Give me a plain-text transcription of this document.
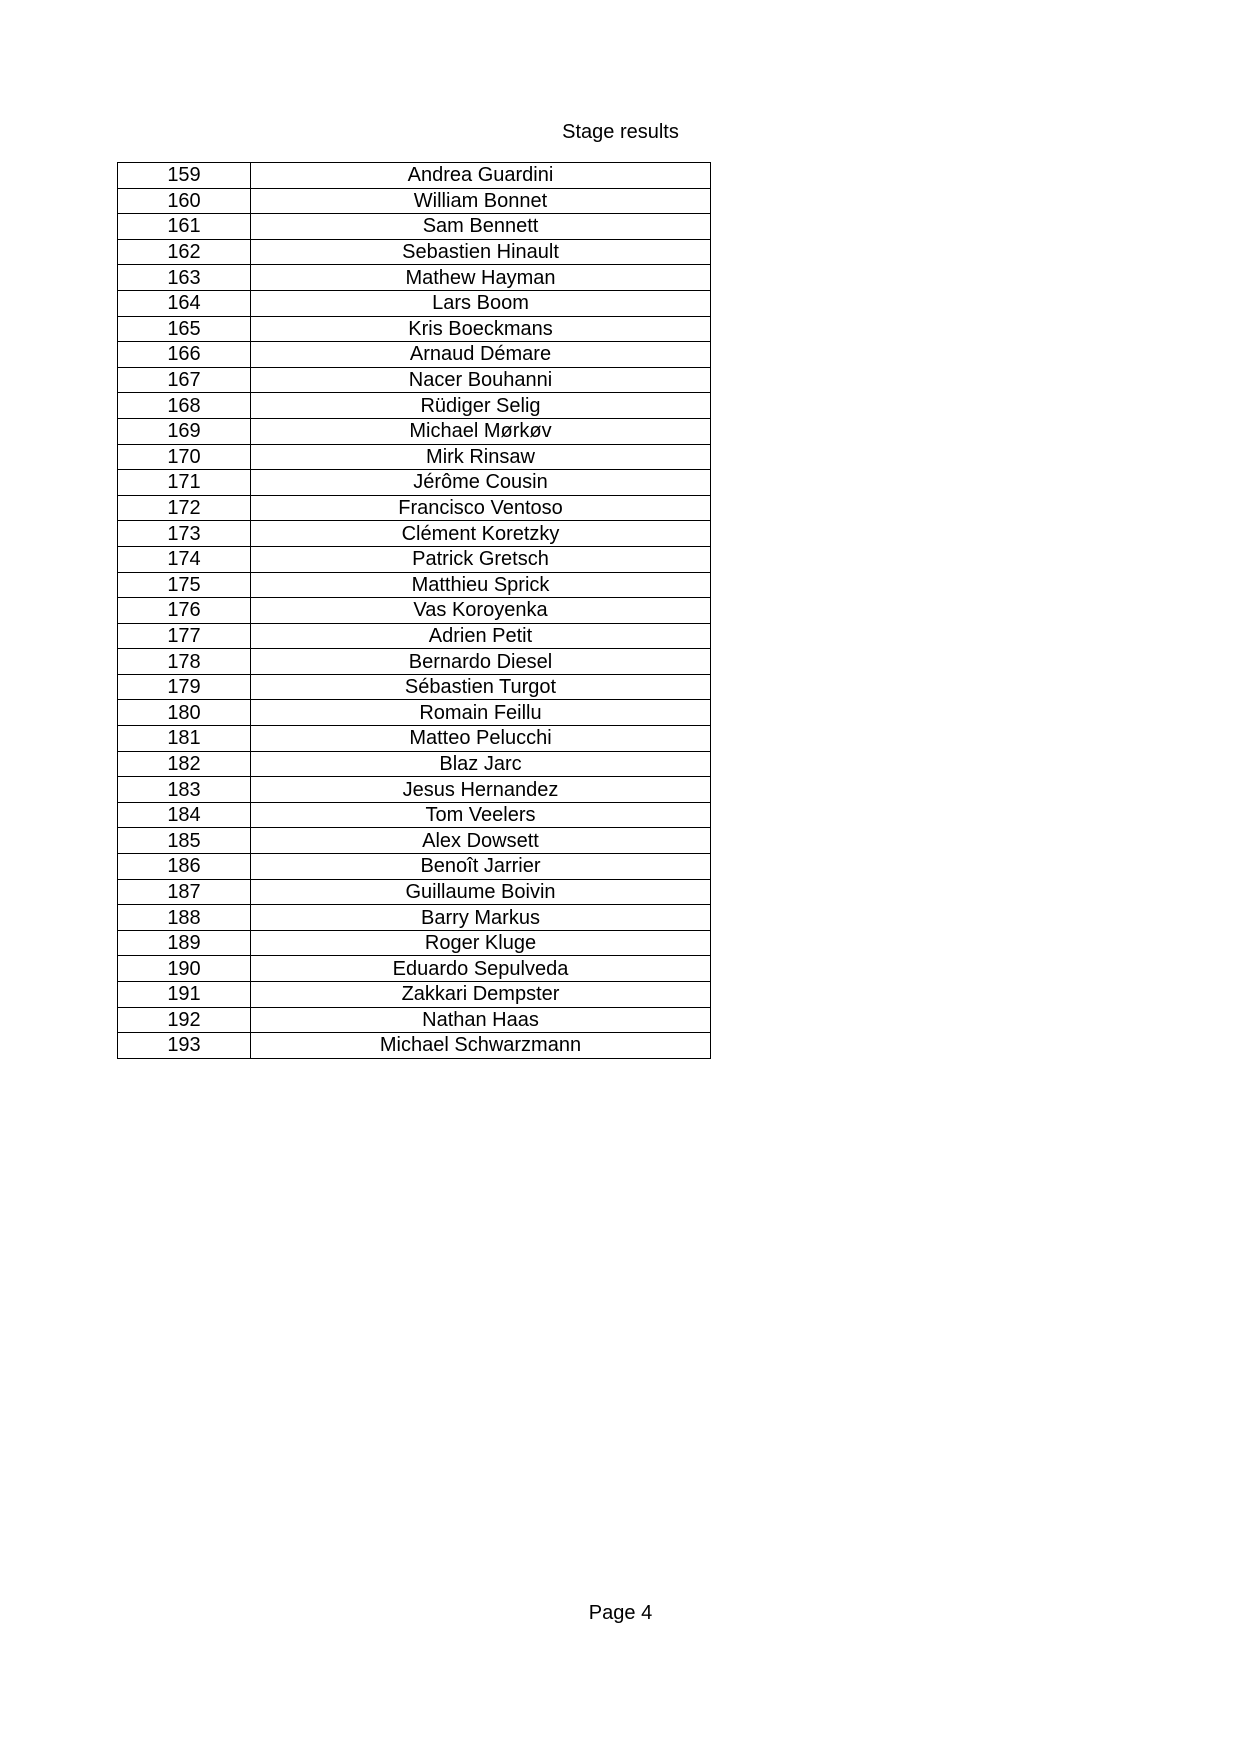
Stage results
159	Andrea Guardini
160	William Bonnet
161	Sam Bennett
162	Sebastien Hinault
163	Mathew Hayman
164	Lars Boom
165	Kris Boeckmans
166	Arnaud Démare
167	Nacer Bouhanni
168	Rüdiger Selig
169	Michael Mørkøv
170	Mirk Rinsaw
171	Jérôme Cousin
172	Francisco Ventoso
173	Clément Koretzky
174	Patrick Gretsch
175	Matthieu Sprick
176	Vas Koroyenka
177	Adrien Petit
178	Bernardo Diesel
179	Sébastien Turgot
180	Romain Feillu
181	Matteo Pelucchi
182	Blaz Jarc
183	Jesus Hernandez
184	Tom Veelers
185	Alex Dowsett
186	Benoît Jarrier
187	Guillaume Boivin
188	Barry Markus
189	Roger Kluge
190	Eduardo Sepulveda
191	Zakkari Dempster
192	Nathan Haas
193	Michael Schwarzmann
Page 4
